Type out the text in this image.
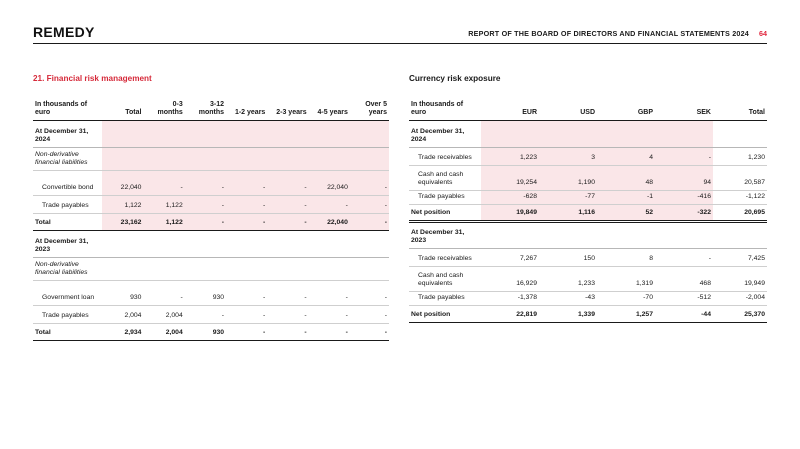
REMEDY	REPORT OF THE BOARD OF DIRECTORS AND FINANCIAL STATEMENTS 2024 64
21. Financial risk management	Currency risk exposure
In thousands of euro	Total	0-3 months	3-12 months	1-2 years	2-3 years	4-5 years	Over 5 years
At December 31, 2024							
Non-derivative financial liabilities							
Convertible bond	22,040	-	-	-	-	22,040	-
Trade payables	1,122	1,122	-	-	-	-	-
Total	23,162	1,122	-	-	-	22,040	-
At December 31, 2023							
Non-derivative financial liabilities							
Government loan	930	-	930	-	-	-	-
Trade payables	2,004	2,004	-	-	-	-	-
Total	2,934	2,004	930	-	-	-	-
In thousands of euro	EUR	USD	GBP	SEK	Total
At December 31, 2024					
Trade receivables	1,223	3	4	-	1,230
Cash and cash equivalents	19,254	1,190	48	94	20,587
Trade payables	-628	-77	-1	-416	-1,122
Net position	19,849	1,116	52	-322	20,695
At December 31, 2023					
Trade receivables	7,267	150	8	-	7,425
Cash and cash equivalents	16,929	1,233	1,319	468	19,949
Trade payables	-1,378	-43	-70	-512	-2,004
Net position	22,819	1,339	1,257	-44	25,370
